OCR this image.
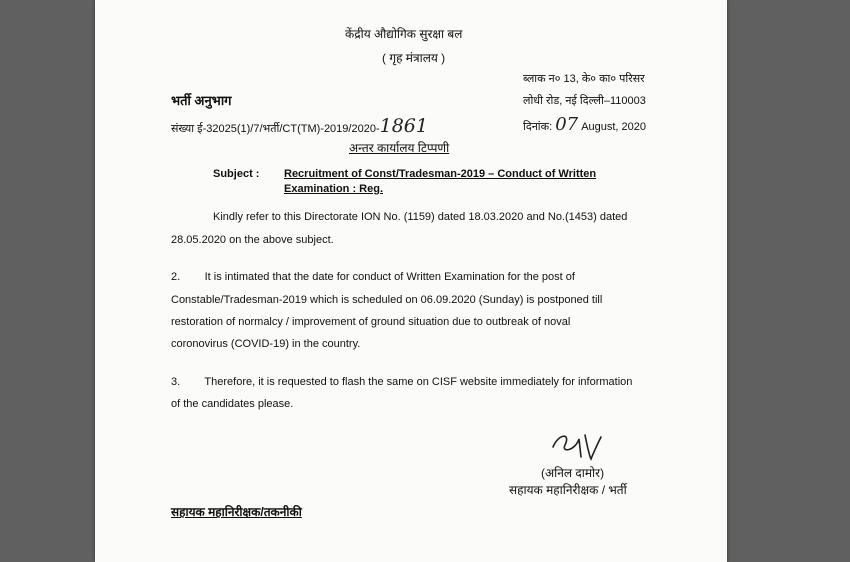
केंद्रीय औद्योगिक सुरक्षा बल
( गृह मंत्रालय )
ब्लाक न० 13, के० का० परिसर
लोधी रोड, नई दिल्ली–110003
भर्ती अनुभाग
संख्या ई-32025(1)/7/भर्ती/CT(TM)-2019/2020-1861	दिनांक: 07 August, 2020
अन्तर कार्यालय टिप्पणी
Subject : Recruitment of Const/Tradesman-2019 – Conduct of Written
Examination : Reg.
Kindly refer to this Directorate ION No. (1159) dated 18.03.2020 and No.(1453) dated
28.05.2020 on the above subject.
2.        It is intimated that the date for conduct of Written Examination for the post of
Constable/Tradesman-2019 which is scheduled on 06.09.2020 (Sunday) is postponed till
restoration of normalcy / improvement of ground situation due to outbreak of noval
coronovirus (COVID-19) in the country.
3.        Therefore, it is requested to flash the same on CISF website immediately for information
of the candidates please.
(अनिल दामोर)
सहायक महानिरीक्षक / भर्ती
सहायक महानिरीक्षक/तकनीकी
